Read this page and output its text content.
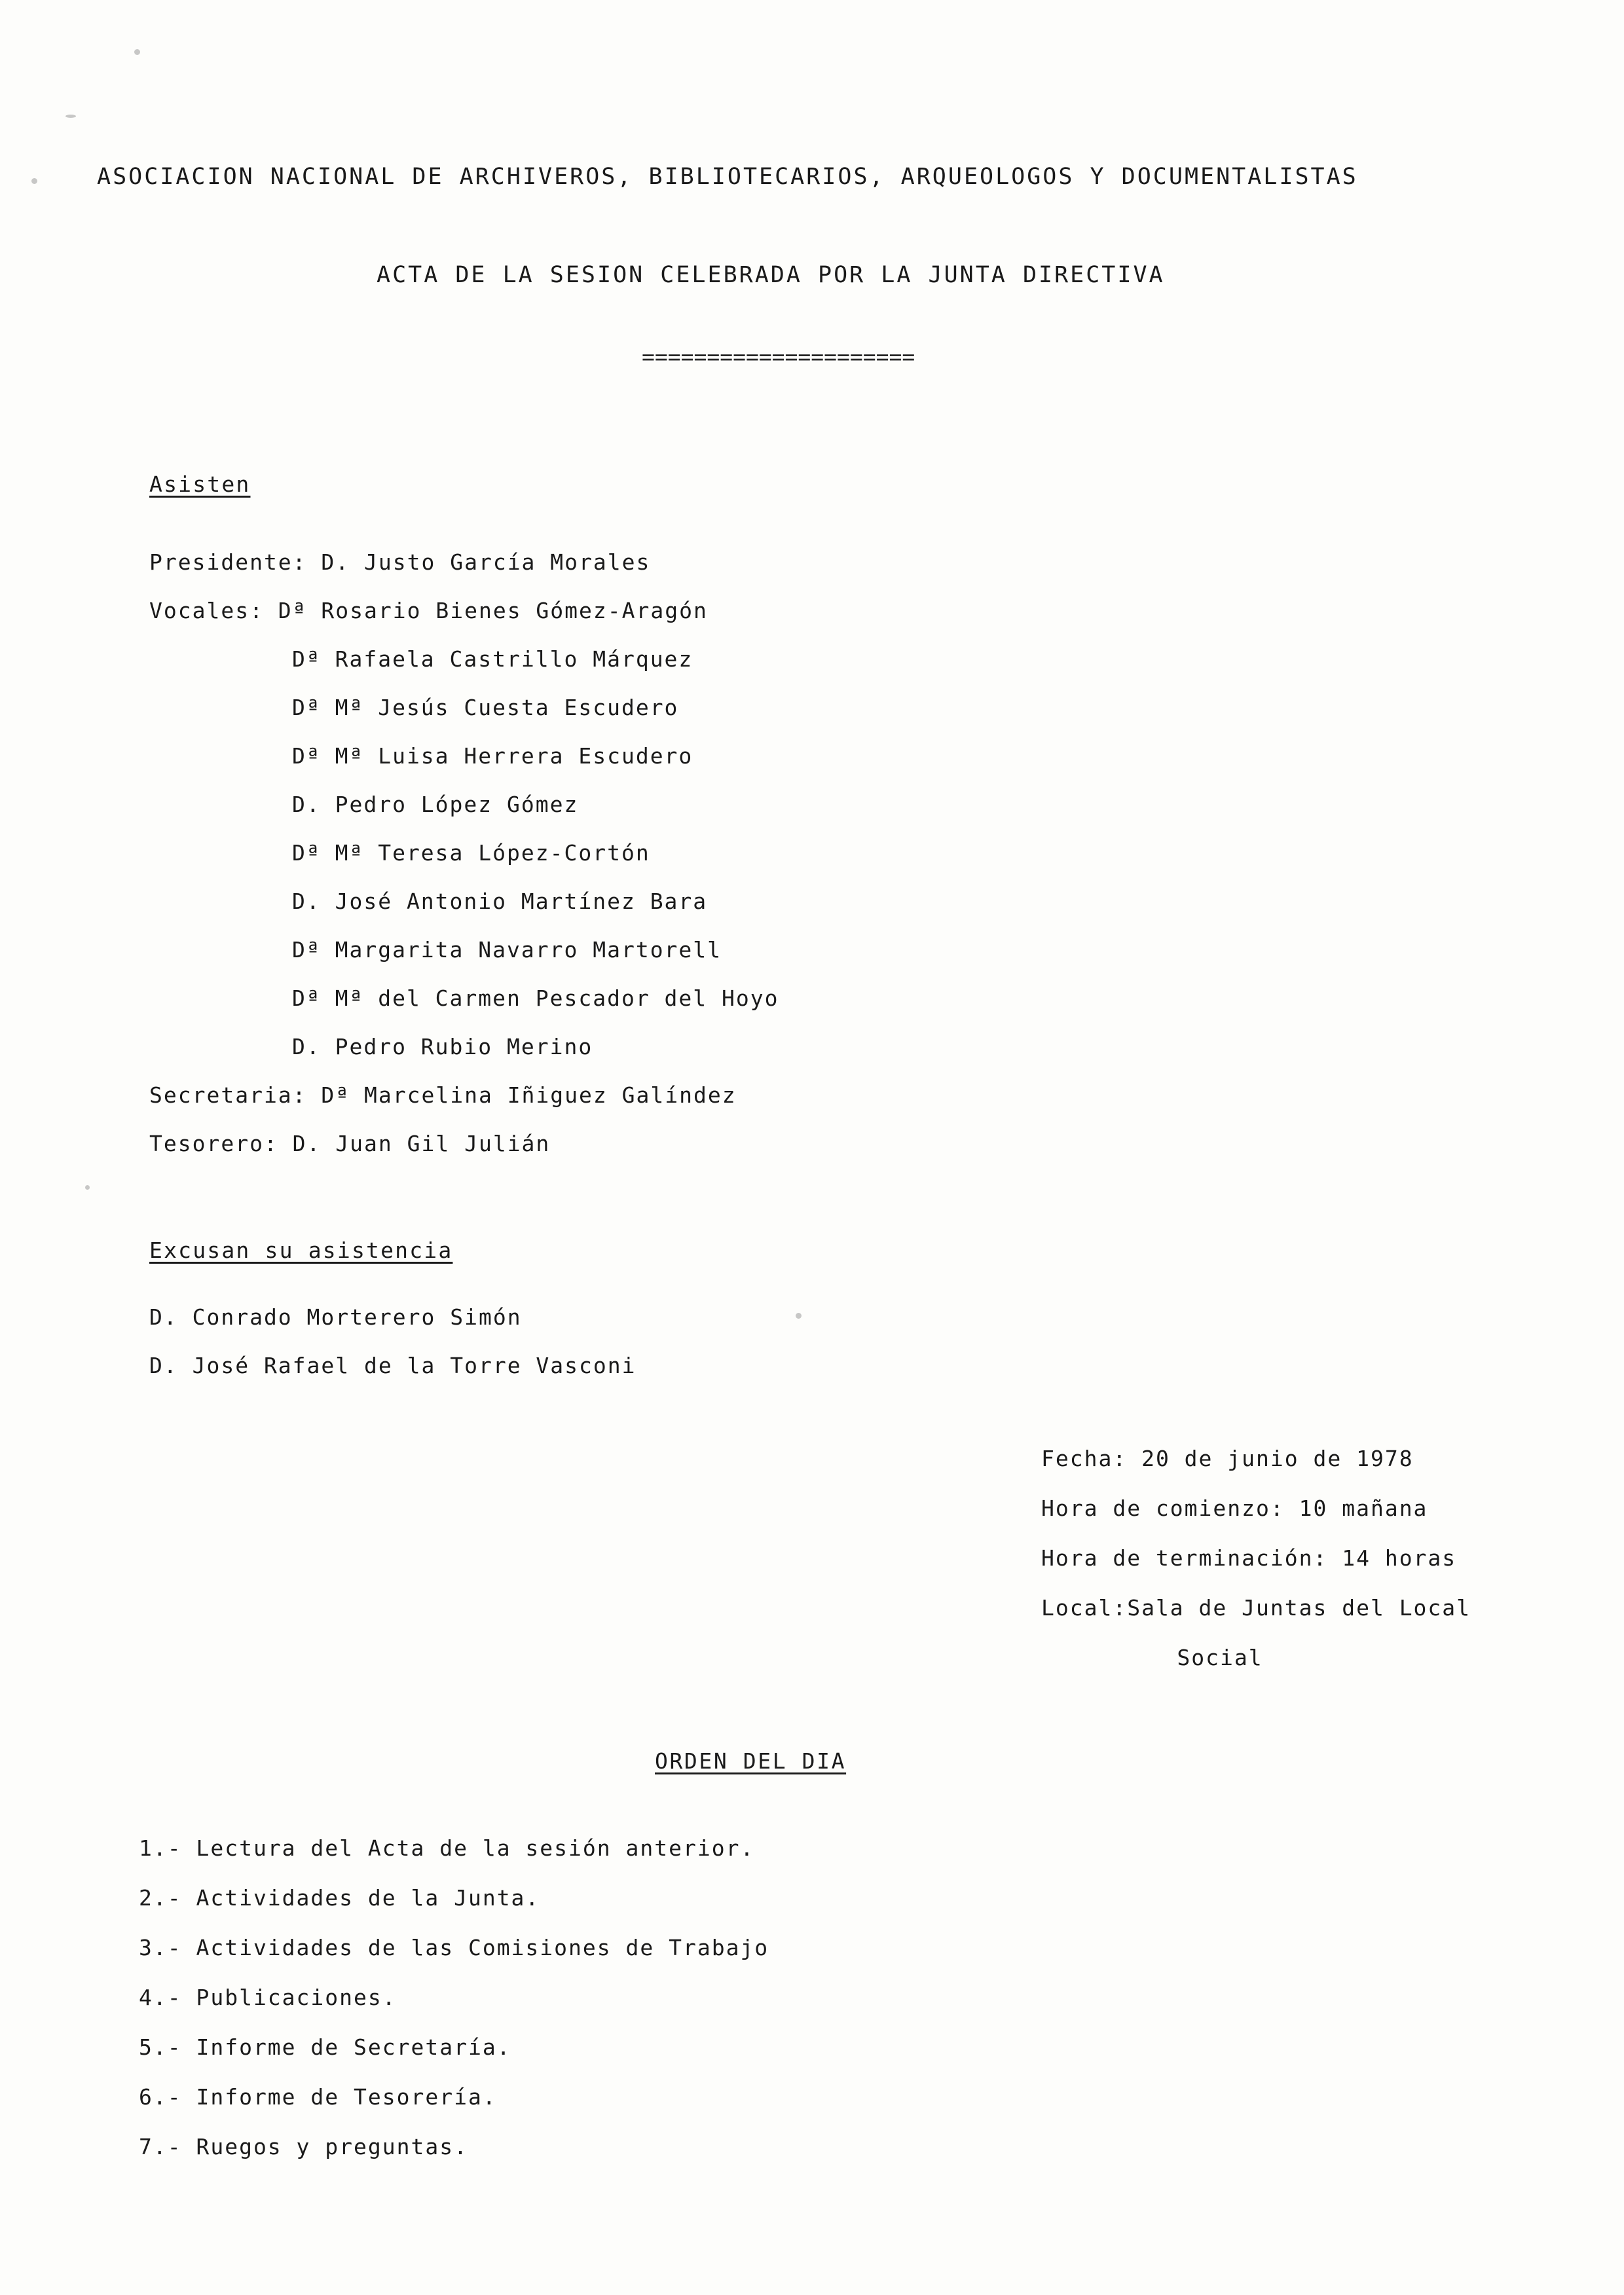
ASOCIACION NACIONAL DE ARCHIVEROS, BIBLIOTECARIOS, ARQUEOLOGOS Y DOCUMENTALISTAS
ACTA DE LA SESION CELEBRADA POR LA JUNTA DIRECTIVA
=====================
Asisten
Presidente: D. Justo García Morales
Vocales: Dª Rosario Bienes Gómez-Aragón
Dª Rafaela Castrillo Márquez
Dª Mª Jesús Cuesta Escudero
Dª Mª Luisa Herrera Escudero
D. Pedro López Gómez
Dª Mª Teresa López-Cortón
D. José Antonio Martínez Bara
Dª Margarita Navarro Martorell
Dª Mª del Carmen Pescador del Hoyo
D. Pedro Rubio Merino
Secretaria: Dª Marcelina Iñiguez Galíndez
Tesorero: D. Juan Gil Julián
Excusan su asistencia
D. Conrado Morterero Simón
D. José Rafael de la Torre Vasconi
Fecha: 20 de junio de 1978
Hora de comienzo: 10 mañana
Hora de terminación: 14 horas
Local:Sala de Juntas del Local
Social
ORDEN DEL DIA
1.- Lectura del Acta de la sesión anterior.
2.- Actividades de la Junta.
3.- Actividades de las Comisiones de Trabajo
4.- Publicaciones.
5.- Informe de Secretaría.
6.- Informe de Tesorería.
7.- Ruegos y preguntas.
